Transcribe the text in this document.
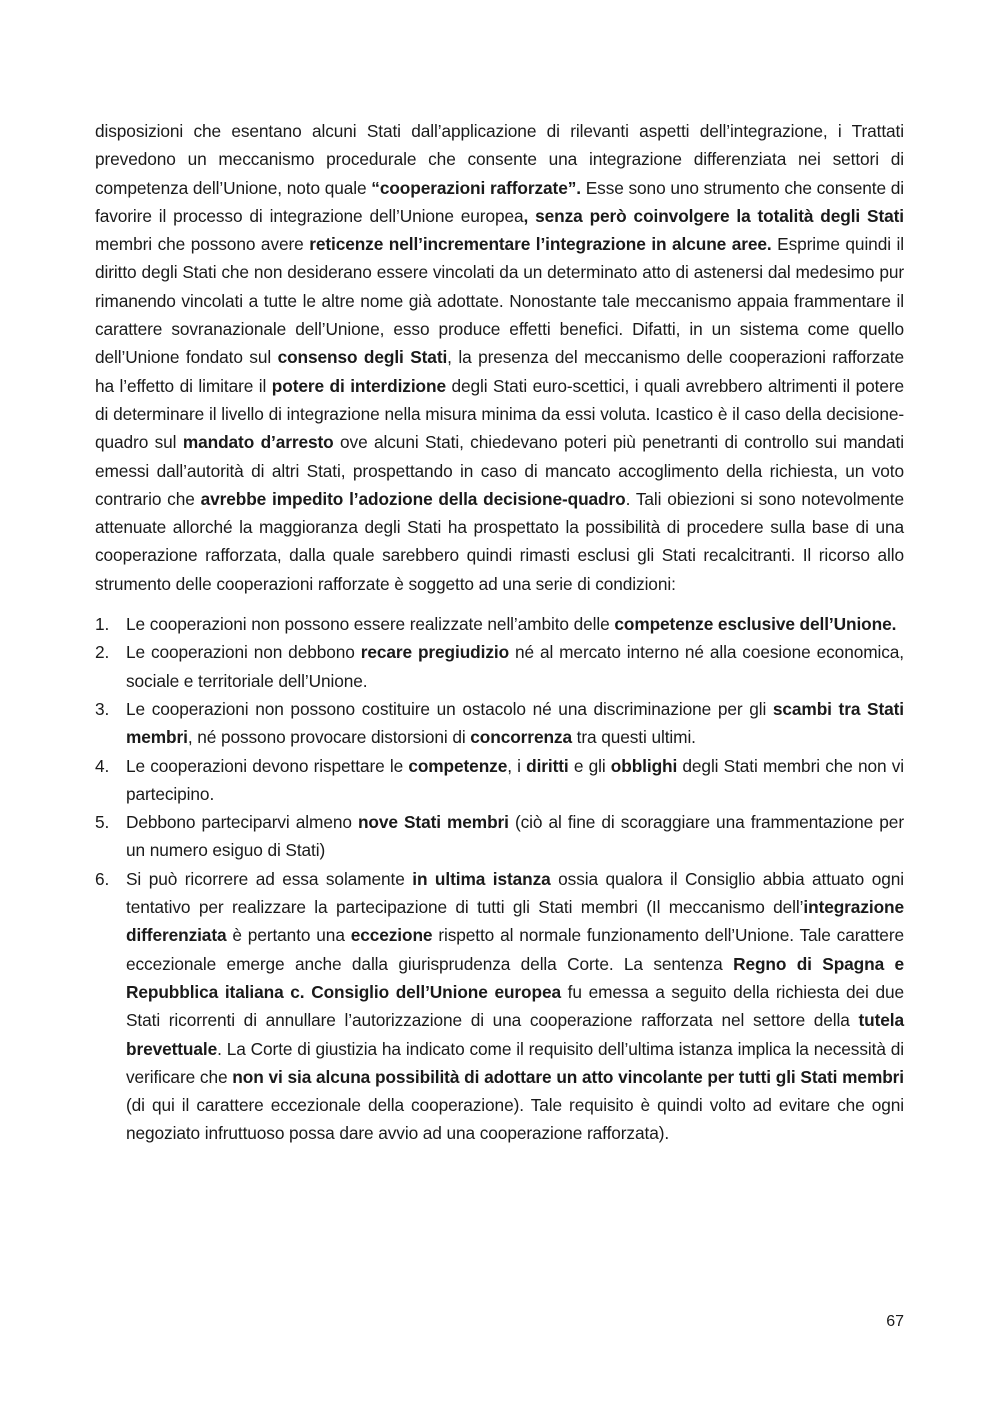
disposizioni che esentano alcuni Stati dall’applicazione di rilevanti aspetti dell’integrazione, i Trattati prevedono un meccanismo procedurale che consente una integrazione differenziata nei settori di competenza dell’Unione, noto quale “cooperazioni rafforzate”. Esse sono uno strumento che consente di favorire il processo di integrazione dell’Unione europea, senza però coinvolgere la totalità degli Stati membri che possono avere reticenze nell’incrementare l’integrazione in alcune aree. Esprime quindi il diritto degli Stati che non desiderano essere vincolati da un determinato atto di astenersi dal medesimo pur rimanendo vincolati a tutte le altre nome già adottate. Nonostante tale meccanismo appaia frammentare il carattere sovranazionale dell’Unione, esso produce effetti benefici. Difatti, in un sistema come quello dell’Unione fondato sul consenso degli Stati, la presenza del meccanismo delle cooperazioni rafforzate ha l’effetto di limitare il potere di interdizione degli Stati euro-scettici, i quali avrebbero altrimenti il potere di determinare il livello di integrazione nella misura minima da essi voluta. Icastico è il caso della decisione-quadro sul mandato d’arresto ove alcuni Stati, chiedevano poteri più penetranti di controllo sui mandati emessi dall’autorità di altri Stati, prospettando in caso di mancato accoglimento della richiesta, un voto contrario che avrebbe impedito l’adozione della decisione-quadro. Tali obiezioni si sono notevolmente attenuate allorché la maggioranza degli Stati ha prospettato la possibilità di procedere sulla base di una cooperazione rafforzata, dalla quale sarebbero quindi rimasti esclusi gli Stati recalcitranti. Il ricorso allo strumento delle cooperazioni rafforzate è soggetto ad una serie di condizioni:

1. Le cooperazioni non possono essere realizzate nell’ambito delle competenze esclusive dell’Unione.
2. Le cooperazioni non debbono recare pregiudizio né al mercato interno né alla coesione economica, sociale e territoriale dell’Unione.
3. Le cooperazioni non possono costituire un ostacolo né una discriminazione per gli scambi tra Stati membri, né possono provocare distorsioni di concorrenza tra questi ultimi.
4. Le cooperazioni devono rispettare le competenze, i diritti e gli obblighi degli Stati membri che non vi partecipino.
5. Debbono parteciparvi almeno nove Stati membri (ciò al fine di scoraggiare una frammentazione per un numero esiguo di Stati)
6. Si può ricorrere ad essa solamente in ultima istanza ossia qualora il Consiglio abbia attuato ogni tentativo per realizzare la partecipazione di tutti gli Stati membri (Il meccanismo dell’integrazione differenziata è pertanto una eccezione rispetto al normale funzionamento dell’Unione. Tale carattere eccezionale emerge anche dalla giurisprudenza della Corte. La sentenza Regno di Spagna e Repubblica italiana c. Consiglio dell’Unione europea fu emessa a seguito della richiesta dei due Stati ricorrenti di annullare l’autorizzazione di una cooperazione rafforzata nel settore della tutela brevettuale. La Corte di giustizia ha indicato come il requisito dell’ultima istanza implica la necessità di verificare che non vi sia alcuna possibilità di adottare un atto vincolante per tutti gli Stati membri (di qui il carattere eccezionale della cooperazione). Tale requisito è quindi volto ad evitare che ogni negoziato infruttuoso possa dare avvio ad una cooperazione rafforzata).
67
